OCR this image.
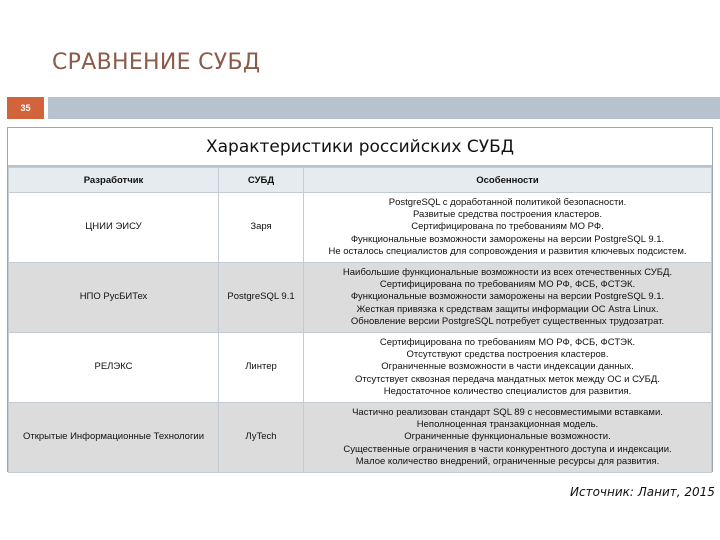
СРАВНЕНИЕ СУБД
35
Характеристики российских СУБД
Разработчик	СУБД	Особенности
ЦНИИ ЭИСУ	Заря	PostgreSQL с доработанной политикой безопасности.
Развитые средства построения кластеров.
Сертифицирована по требованиям МО РФ.
Функциональные возможности заморожены на версии PostgreSQL 9.1.
Не осталось специалистов для сопровождения и развития ключевых подсистем.

НПО РусБИТех	PostgreSQL 9.1	Наибольшие функциональные возможности из всех отечественных СУБД.
Сертифицирована по требованиям МО РФ, ФСБ, ФСТЭК.
Функциональные возможности заморожены на версии PostgreSQL 9.1.
Жесткая привязка к средствам защиты информации ОС Astra Linux.
Обновление версии PostgreSQL потребует существенных трудозатрат.

РЕЛЭКС	Линтер	Сертифицирована по требованиям МО РФ, ФСБ, ФСТЭК.
Отсутствуют средства построения кластеров.
Ограниченные возможности в части индексации данных.
Отсутствует сквозная передача мандатных меток между ОС и СУБД.
Недостаточное количество специалистов для развития.

Открытые Информационные Технологии	ЛуTech	Частично реализован стандарт SQL 89 с несовместимыми вставками.
Неполноценная транзакционная модель.
Ограниченные функциональные возможности.
Существенные ограничения в части конкурентного доступа и индексации.
Малое количество внедрений, ограниченные ресурсы для развития.
Источник: Ланит, 2015
